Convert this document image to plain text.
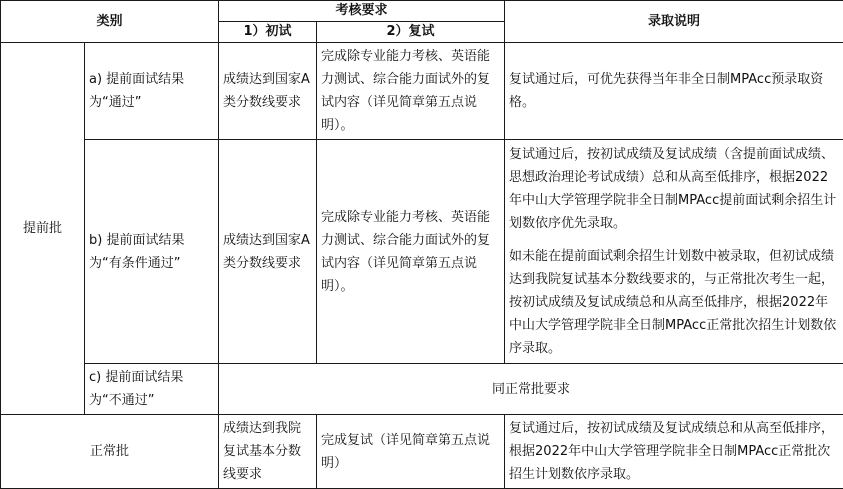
类别		考核要求		录取说明
		1）初试	2）复试	
提前批	a) 提前面试结果为“通过”	成绩达到国家A类分数线要求	完成除专业能力考核、英语能力测试、综合能力面试外的复试内容（详见简章第五点说明）。	复试通过后，可优先获得当年非全日制MPAcc预录取资格。
	b) 提前面试结果为“有条件通过”	成绩达到国家A类分数线要求	完成除专业能力考核、英语能力测试、综合能力面试外的复试内容（详见简章第五点说明）。	复试通过后，按初试成绩及复试成绩（含提前面试成绩、思想政治理论考试成绩）总和从高至低排序，根据2022年中山大学管理学院非全日制MPAcc提前面试剩余招生计划数依序优先录取。
如未能在提前面试剩余招生计划数中被录取，但初试成绩达到我院复试基本分数线要求的，与正常批次考生一起，按初试成绩及复试成绩总和从高至低排序，根据2022年中山大学管理学院非全日制MPAcc正常批次招生计划数依序录取。

	c) 提前面试结果为“不通过”	同正常批要求		
正常批		成绩达到我院复试基本分数线要求	完成复试（详见简章第五点说明）	复试通过后，按初试成绩及复试成绩总和从高至低排序，根据2022年中山大学管理学院非全日制MPAcc正常批次招生计划数依序录取。
